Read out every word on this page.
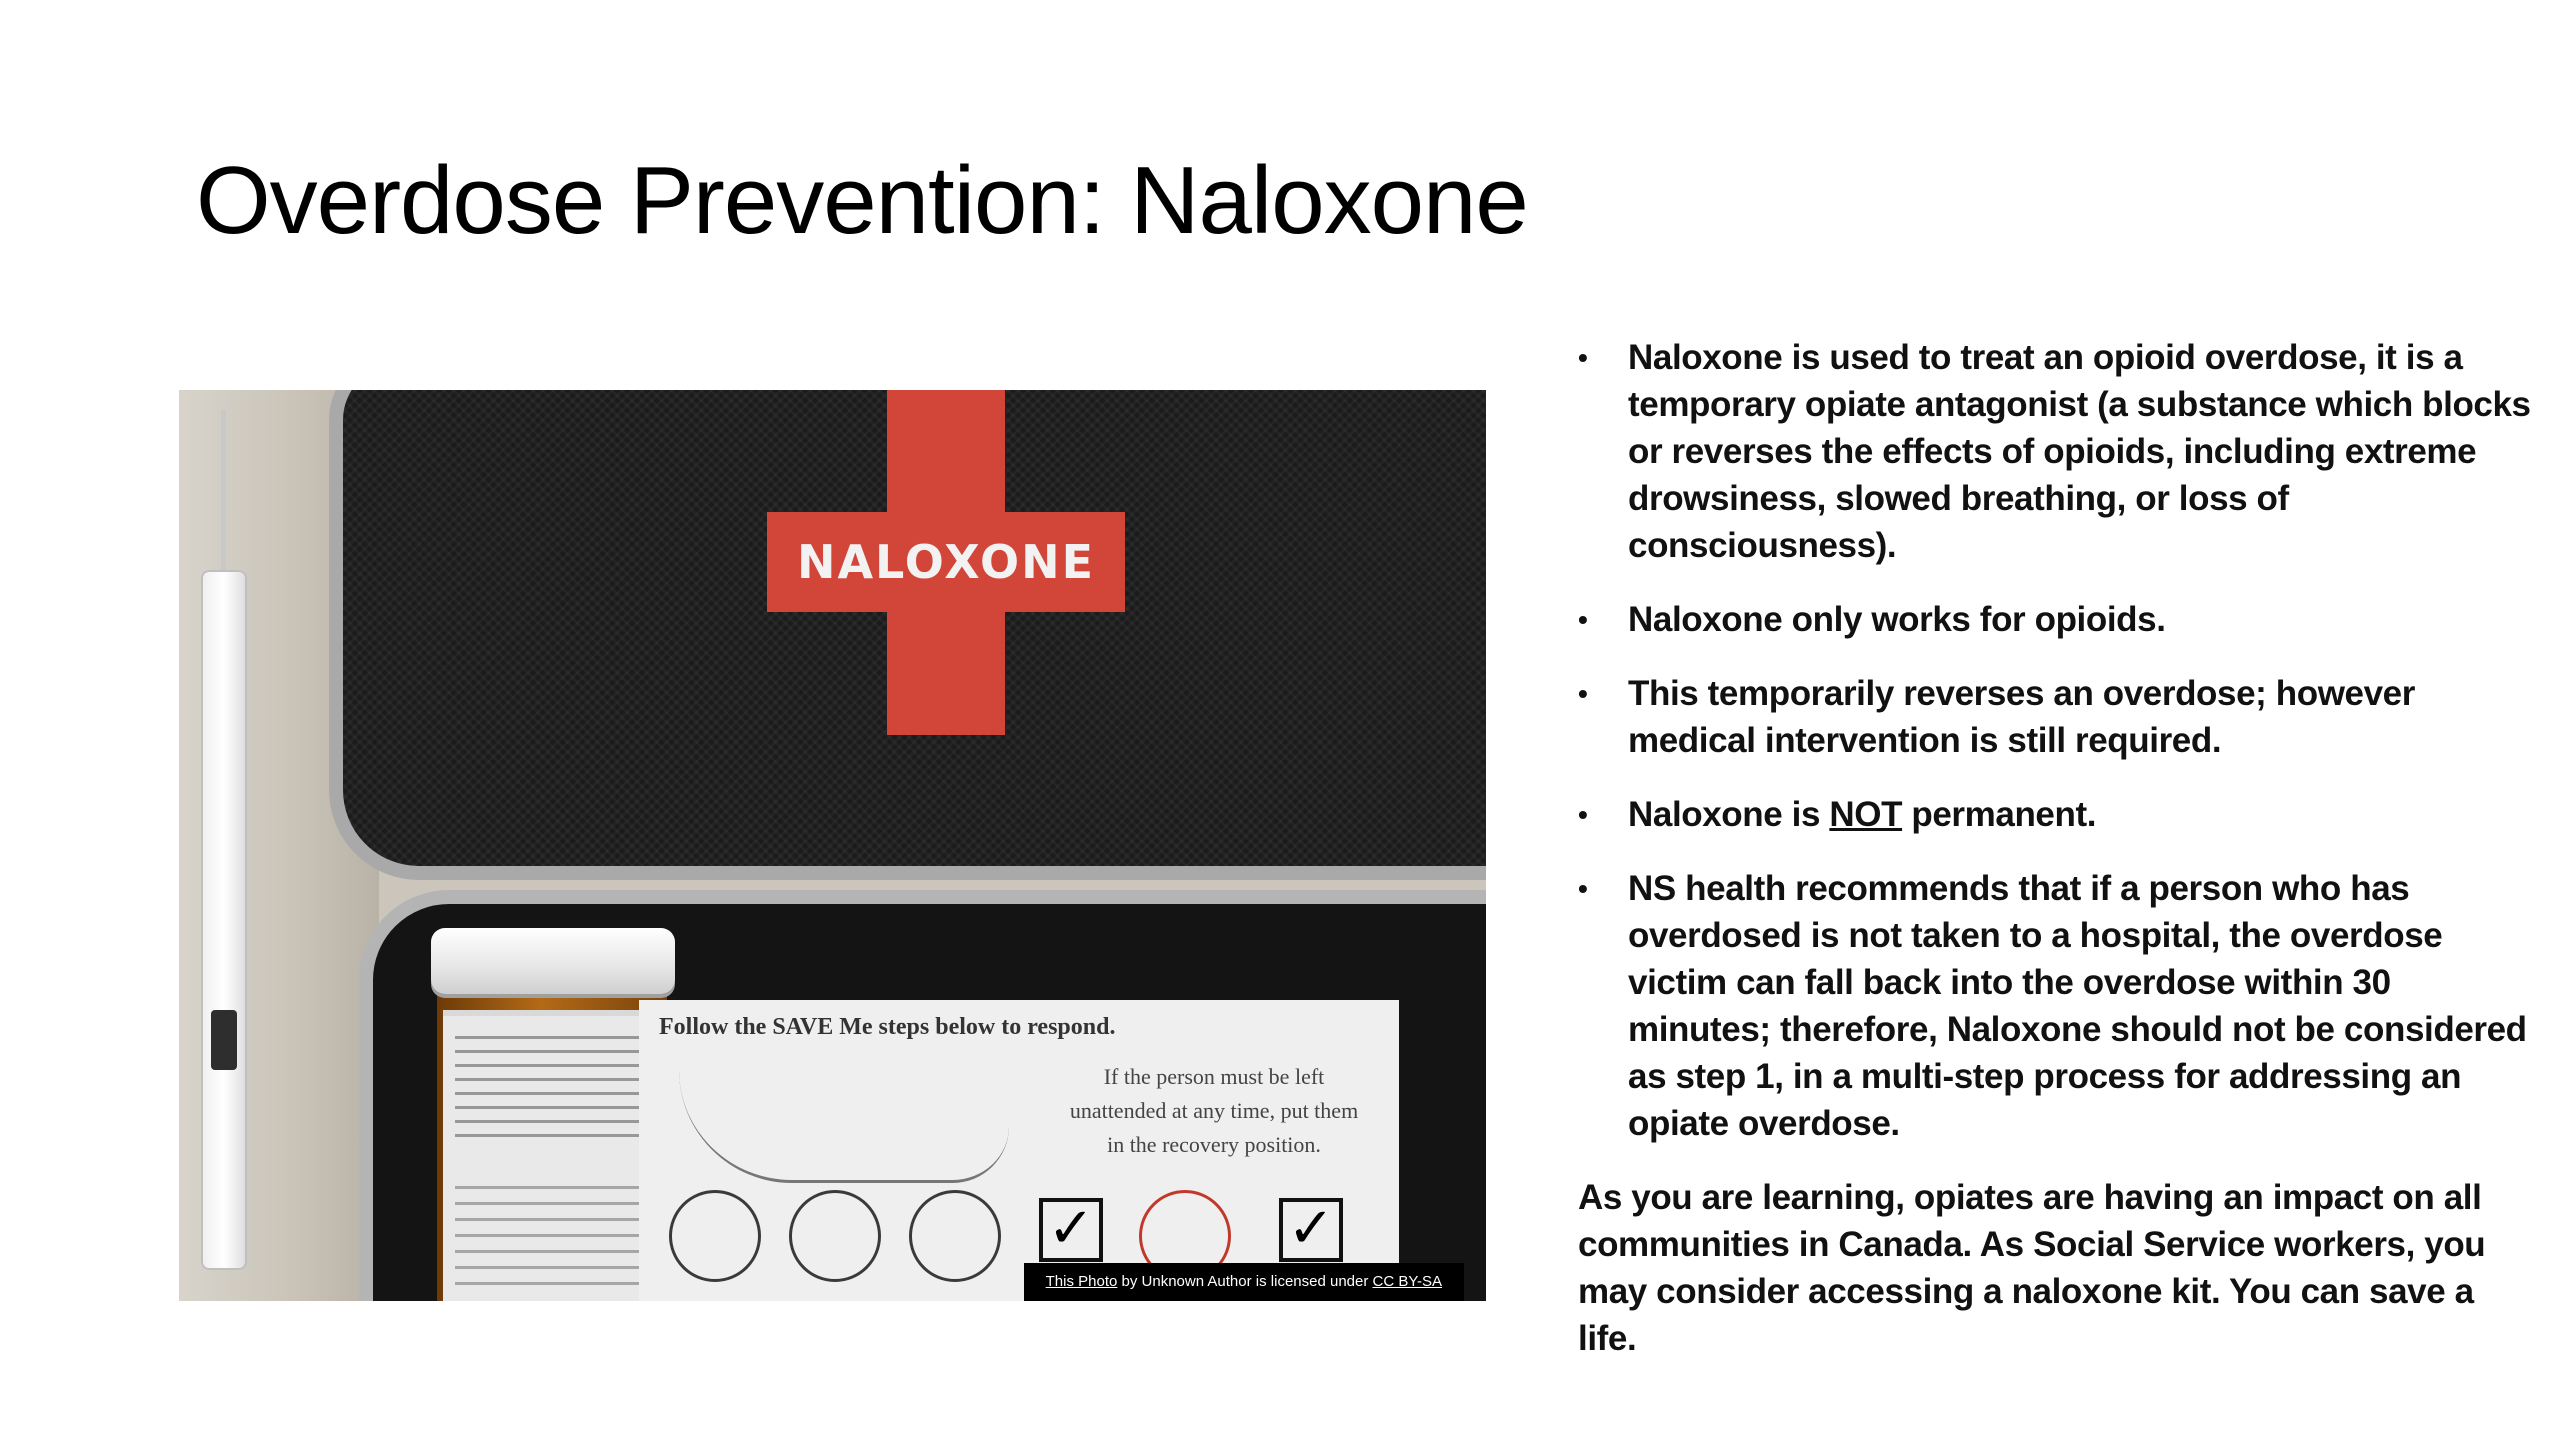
Overdose Prevention: Naloxone
NALOXONE
Follow the SAVE Me steps below to respond.
If the person must be left unattended at any time, put them in the recovery position.
✓	✓
This Photo by Unknown Author is licensed under CC BY-SA
•	Naloxone is used to treat an opioid overdose, it is a temporary opiate antagonist (a substance which blocks or reverses the effects of opioids, including extreme drowsiness, slowed breathing, or loss of consciousness).
•	Naloxone only works for opioids.
•	This temporarily reverses an overdose; however medical intervention is still required.
•	Naloxone is NOT permanent.
•	NS health recommends that if a person who has overdosed is not taken to a hospital, the overdose victim can fall back into the overdose within 30 minutes; therefore, Naloxone should not be considered as step 1, in a multi-step process for addressing an opiate overdose.

As you are learning, opiates are having an impact on all communities in Canada. As Social Service workers, you may consider accessing a naloxone kit. You can save a life.
